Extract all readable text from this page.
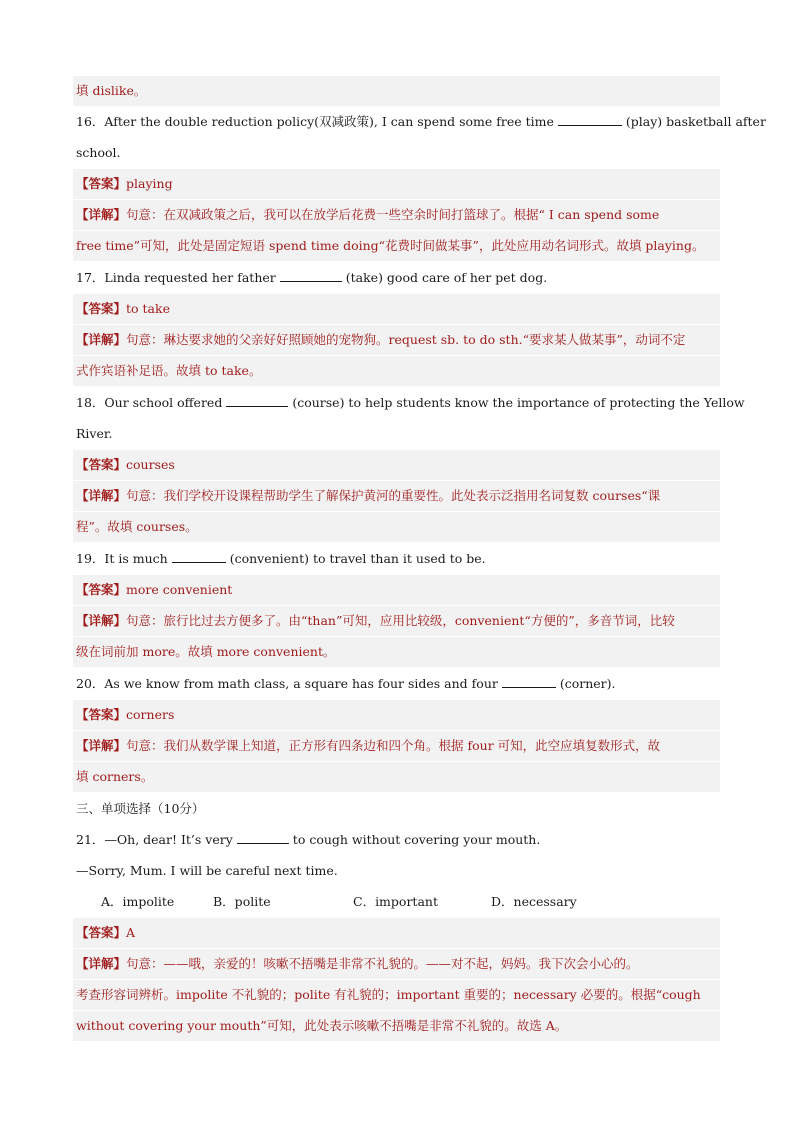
填 dislike。
16．After the double reduction policy(双减政策), I can spend some free time	(play) basketball after
school.
【答案】playing
【详解】句意：在双减政策之后，我可以在放学后花费一些空余时间打篮球了。根据“ I can spend some
free time”可知，此处是固定短语 spend time doing“花费时间做某事”，此处应用动名词形式。故填 playing。
17．Linda requested her father	(take) good care of her pet dog.
【答案】to take
【详解】句意：琳达要求她的父亲好好照顾她的宠物狗。request sb. to do sth.“要求某人做某事”，动词不定
式作宾语补足语。故填 to take。
18．Our school offered	(course) to help students know the importance of protecting the Yellow
River.
【答案】courses
【详解】句意：我们学校开设课程帮助学生了解保护黄河的重要性。此处表示泛指用名词复数 courses“课
程”。故填 courses。
19．It is much	(convenient) to travel than it used to be.
【答案】more convenient
【详解】句意：旅行比过去方便多了。由“than”可知，应用比较级，convenient“方便的”，多音节词，比较
级在词前加 more。故填 more convenient。
20．As we know from math class, a square has four sides and four	(corner).
【答案】corners
【详解】句意：我们从数学课上知道，正方形有四条边和四个角。根据 four 可知，此空应填复数形式，故
填 corners。
三、单项选择（10分）
21．—Oh, dear! It’s very	to cough without covering your mouth.
—Sorry, Mum. I will be careful next time.
A．impolite	B．polite	C．important	D．necessary
【答案】A
【详解】句意：——哦，亲爱的！咳嗽不捂嘴是非常不礼貌的。——对不起，妈妈。我下次会小心的。
考查形容词辨析。impolite 不礼貌的；polite 有礼貌的；important 重要的；necessary 必要的。根据“cough
without covering your mouth”可知，此处表示咳嗽不捂嘴是非常不礼貌的。故选 A。
